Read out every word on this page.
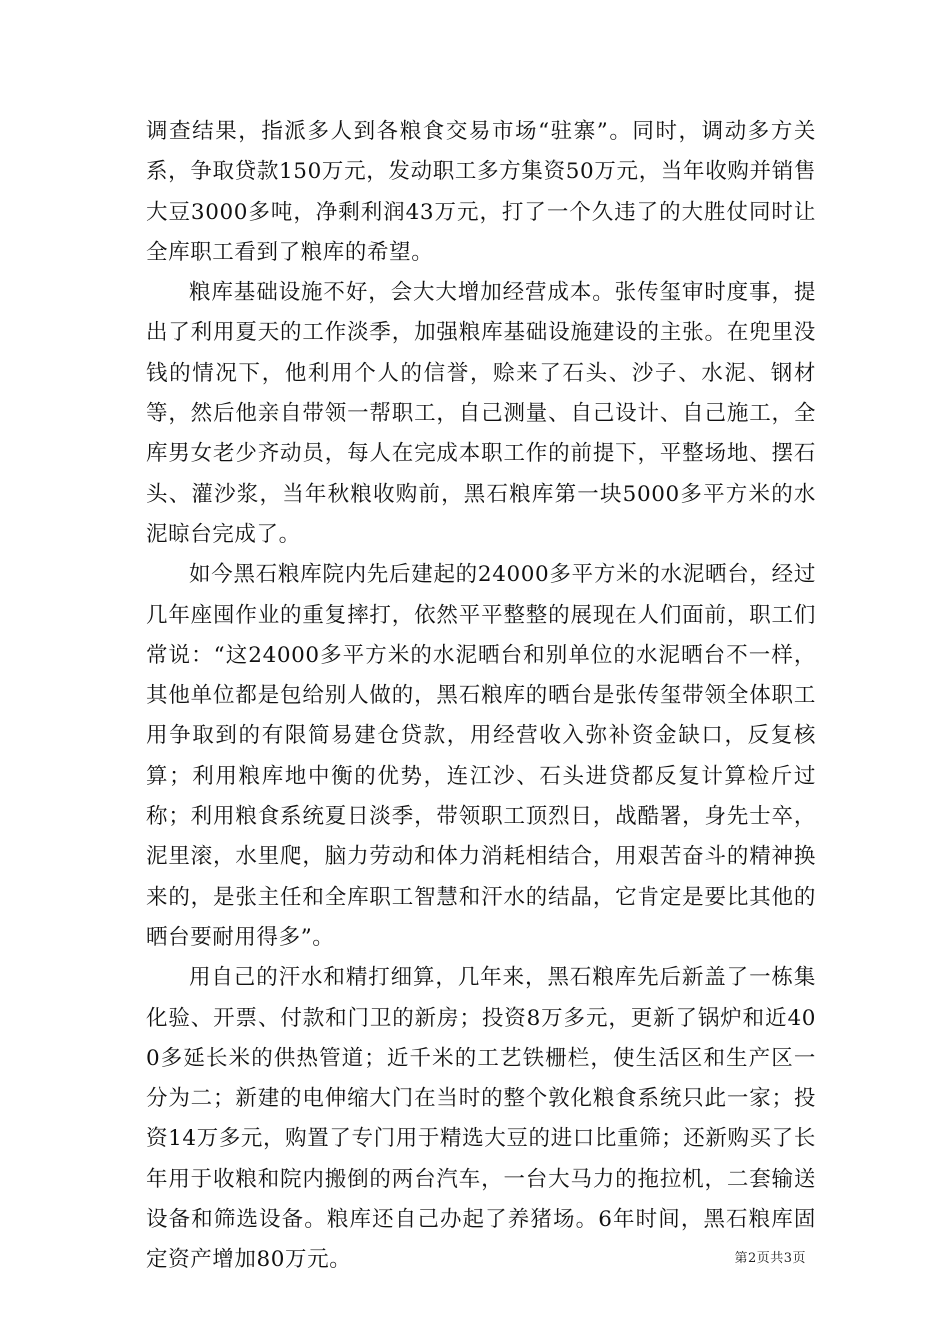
调查结果，指派多人到各粮食交易市场“驻寨”。同时，调动多方关系，争取贷款150万元，发动职工多方集资50万元，当年收购并销售大豆3000多吨，净剩利润43万元，打了一个久违了的大胜仗同时让全库职工看到了粮库的希望。

粮库基础设施不好，会大大增加经营成本。张传玺审时度事，提出了利用夏天的工作淡季，加强粮库基础设施建设的主张。在兜里没钱的情况下，他利用个人的信誉，赊来了石头、沙子、水泥、钢材等，然后他亲自带领一帮职工，自己测量、自己设计、自己施工，全库男女老少齐动员，每人在完成本职工作的前提下，平整场地、摆石头、灌沙浆，当年秋粮收购前，黑石粮库第一块5000多平方米的水泥晾台完成了。

如今黑石粮库院内先后建起的24000多平方米的水泥晒台，经过几年座囤作业的重复摔打，依然平平整整的展现在人们面前，职工们常说：“这24000多平方米的水泥晒台和别单位的水泥晒台不一样，其他单位都是包给别人做的，黑石粮库的晒台是张传玺带领全体职工用争取到的有限简易建仓贷款，用经营收入弥补资金缺口，反复核算；利用粮库地中衡的优势，连江沙、石头进贷都反复计算检斤过称；利用粮食系统夏日淡季，带领职工顶烈日，战酷署，身先士卒，泥里滚，水里爬，脑力劳动和体力消耗相结合，用艰苦奋斗的精神换来的，是张主任和全库职工智慧和汗水的结晶，它肯定是要比其他的晒台要耐用得多”。

用自己的汗水和精打细算，几年来，黑石粮库先后新盖了一栋集化验、开票、付款和门卫的新房；投资8万多元，更新了锅炉和近400多延长米的供热管道；近千米的工艺铁栅栏，使生活区和生产区一分为二；新建的电伸缩大门在当时的整个敦化粮食系统只此一家；投资14万多元，购置了专门用于精选大豆的进口比重筛；还新购买了长年用于收粮和院内搬倒的两台汽车，一台大马力的拖拉机，二套输送设备和筛选设备。粮库还自己办起了养猪场。6年时间，黑石粮库固定资产增加80万元。	第2页共3页
